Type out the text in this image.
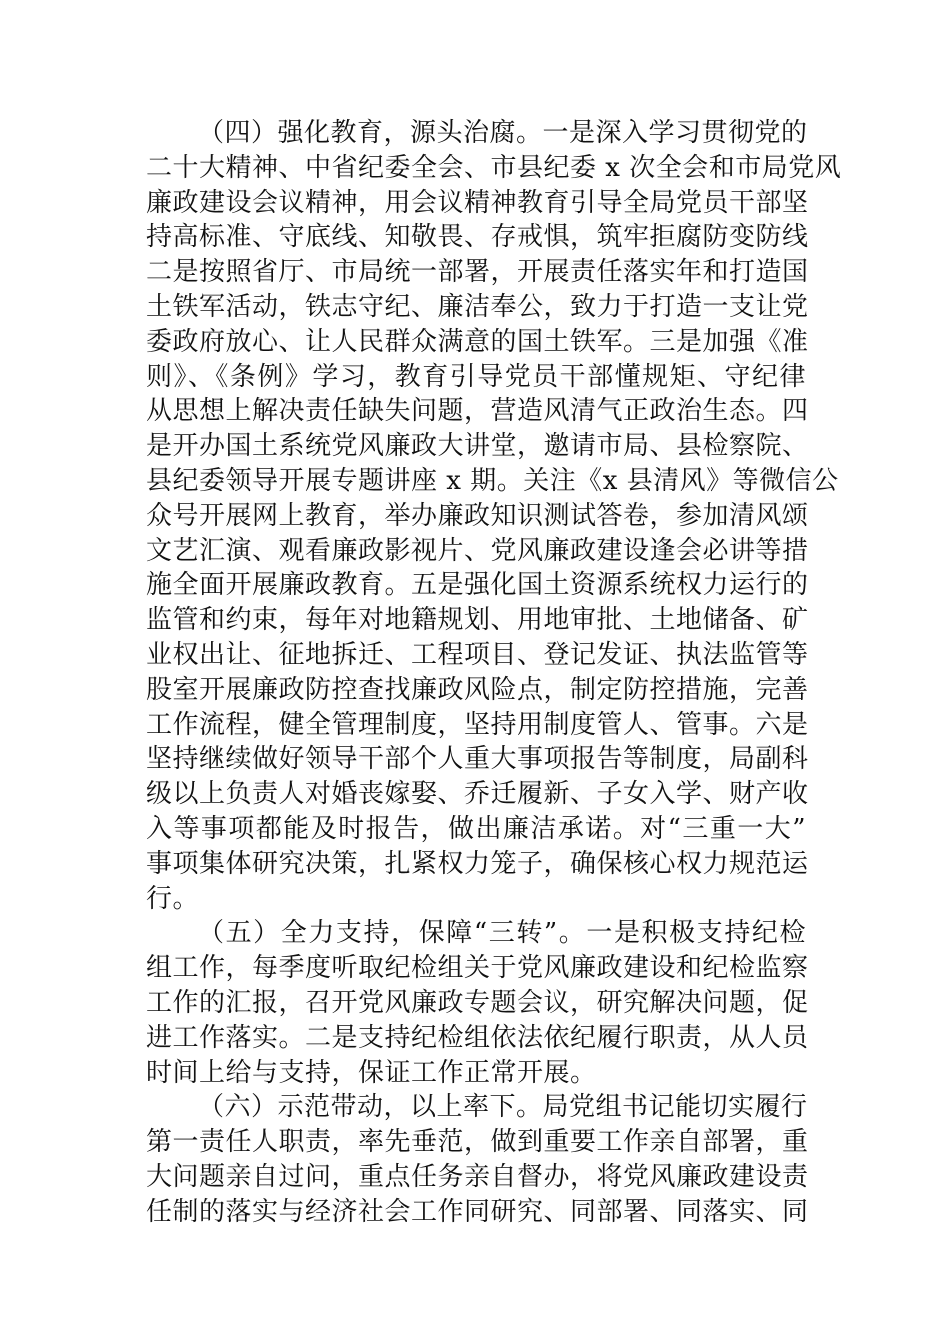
（四）强化教育，源头治腐。一是深入学习贯彻党的
二十大精神、中省纪委全会、市县纪委 x 次全会和市局党风
廉政建设会议精神，用会议精神教育引导全局党员干部坚
持高标准、守底线、知敬畏、存戒惧，筑牢拒腐防变防线
二是按照省厅、市局统一部署，开展责任落实年和打造国
土铁军活动，铁志守纪、廉洁奉公，致力于打造一支让党
委政府放心、让人民群众满意的国土铁军。三是加强《准
则》、《条例》学习，教育引导党员干部懂规矩、守纪律
从思想上解决责任缺失问题，营造风清气正政治生态。四
是开办国土系统党风廉政大讲堂，邀请市局、县检察院、
县纪委领导开展专题讲座 x 期。关注《x 县清风》等微信公
众号开展网上教育，举办廉政知识测试答卷，参加清风颂
文艺汇演、观看廉政影视片、党风廉政建设逢会必讲等措
施全面开展廉政教育。五是强化国土资源系统权力运行的
监管和约束，每年对地籍规划、用地审批、土地储备、矿
业权出让、征地拆迁、工程项目、登记发证、执法监管等
股室开展廉政防控查找廉政风险点，制定防控措施，完善
工作流程，健全管理制度，坚持用制度管人、管事。六是
坚持继续做好领导干部个人重大事项报告等制度，局副科
级以上负责人对婚丧嫁娶、乔迁履新、子女入学、财产收
入等事项都能及时报告，做出廉洁承诺。对“三重一大”
事项集体研究决策，扎紧权力笼子，确保核心权力规范运
行。
（五）全力支持，保障“三转”。一是积极支持纪检
组工作，每季度听取纪检组关于党风廉政建设和纪检监察
工作的汇报，召开党风廉政专题会议，研究解决问题，促
进工作落实。二是支持纪检组依法依纪履行职责，从人员
时间上给与支持，保证工作正常开展。
（六）示范带动，以上率下。局党组书记能切实履行
第一责任人职责，率先垂范，做到重要工作亲自部署，重
大问题亲自过问，重点任务亲自督办，将党风廉政建设责
任制的落实与经济社会工作同研究、同部署、同落实、同
